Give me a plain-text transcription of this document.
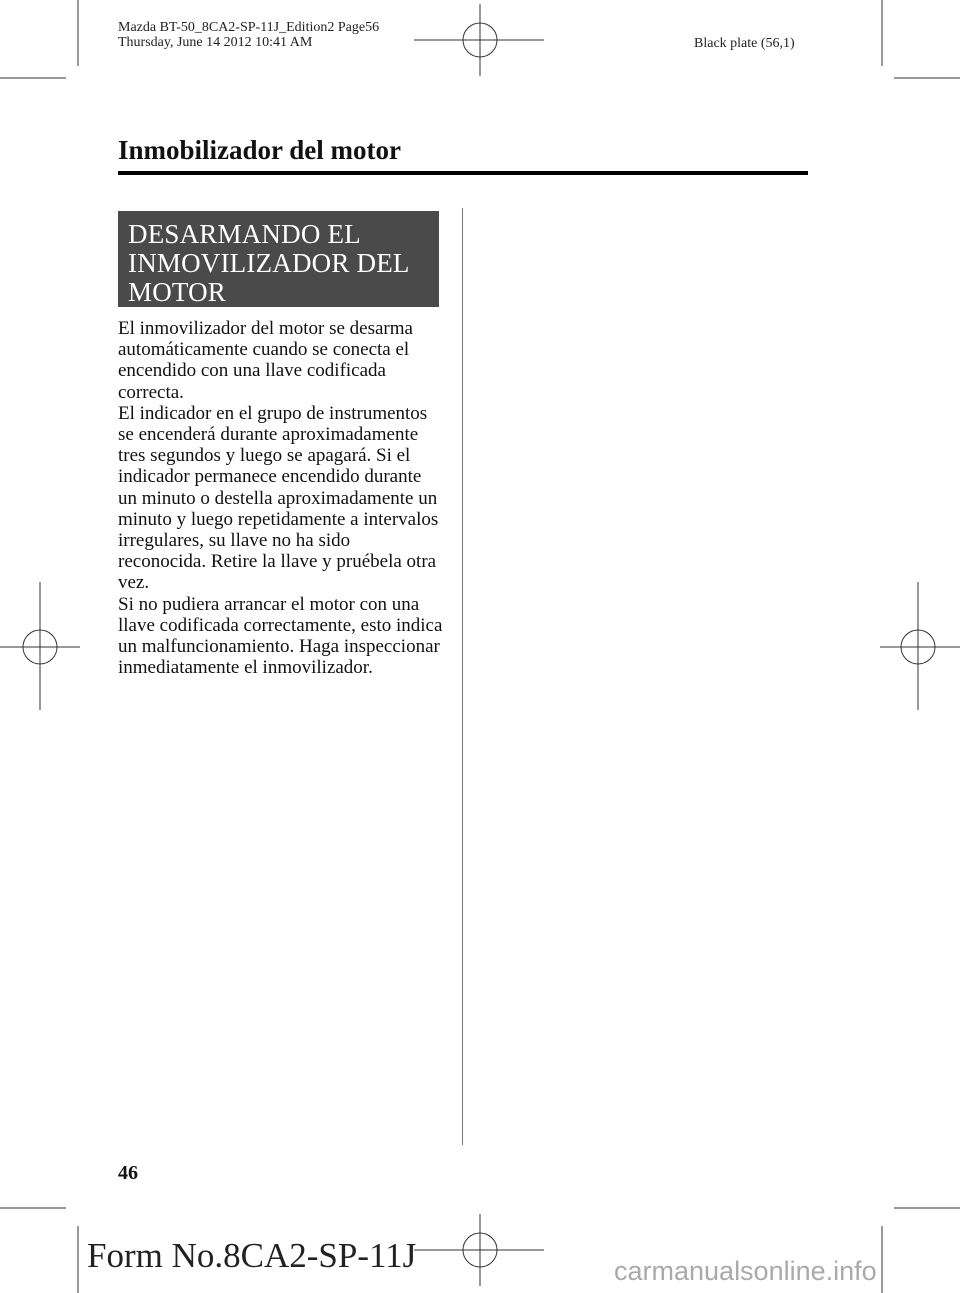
Mazda BT-50_8CA2-SP-11J_Edition2 Page56
Thursday, June 14 2012 10:41 AM	Black plate (56,1)
Inmobilizador del motor
DESARMANDO EL
INMOVILIZADOR DEL
MOTOR

El inmovilizador del motor se desarma
automáticamente cuando se conecta el
encendido con una llave codificada
correcta.

El indicador en el grupo de instrumentos
se encenderá durante aproximadamente
tres segundos y luego se apagará. Si el
indicador permanece encendido durante
un minuto o destella aproximadamente un
minuto y luego repetidamente a intervalos
irregulares, su llave no ha sido
reconocida. Retire la llave y pruébela otra
vez.

Si no pudiera arrancar el motor con una
llave codificada correctamente, esto indica
un malfuncionamiento. Haga inspeccionar
inmediatamente el inmovilizador.

46
Form No.8CA2-SP-11J	carmanualsonline.info
